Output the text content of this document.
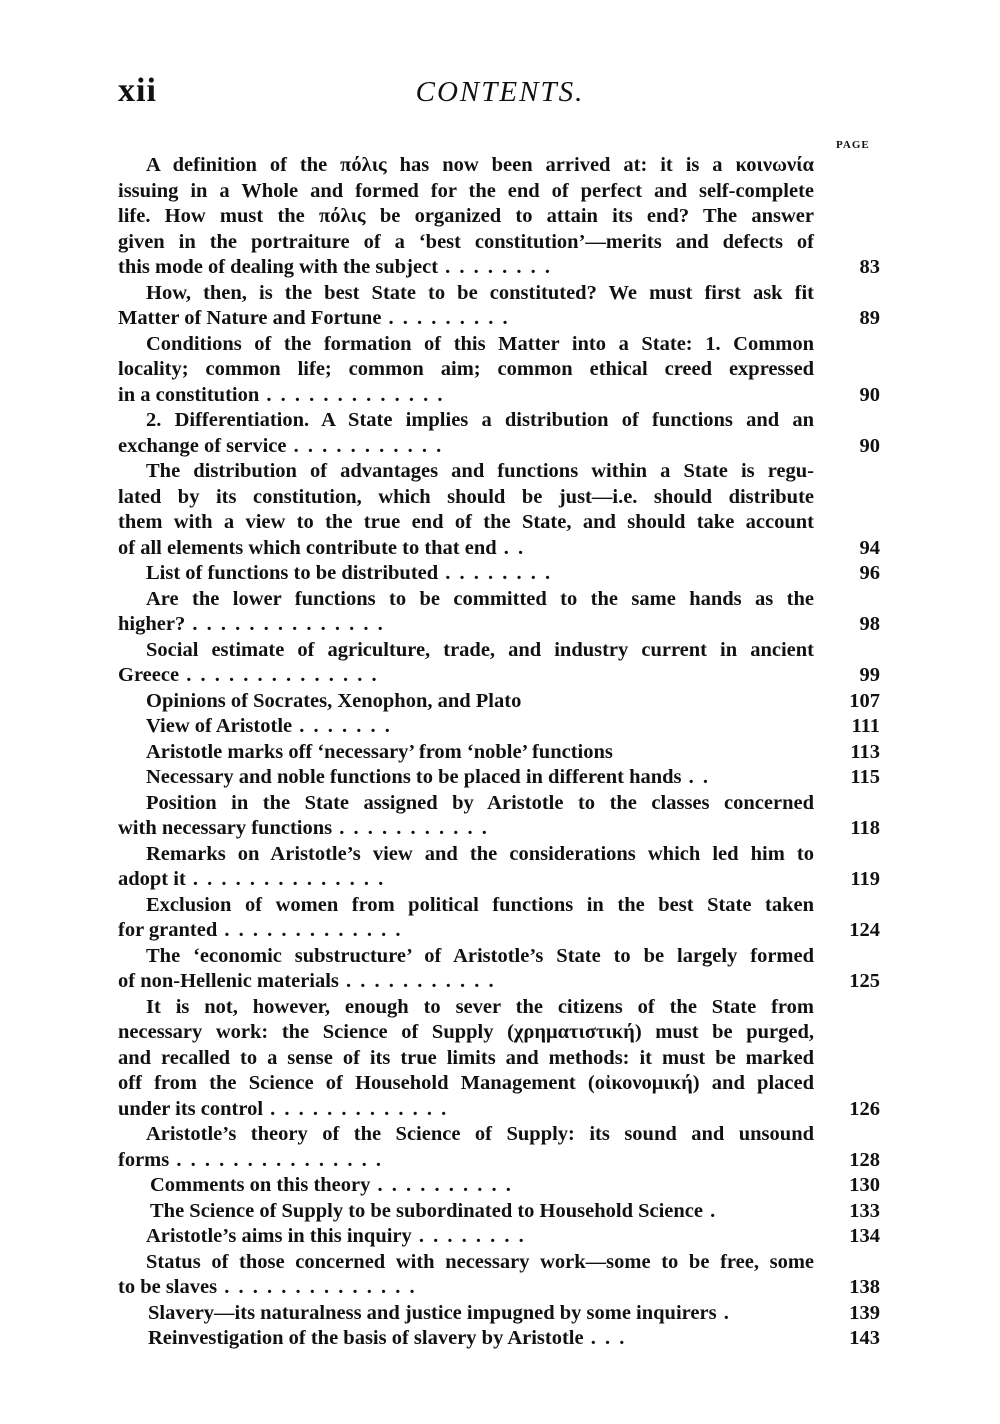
xii	CONTENTS.
PAGE
A definition of the πόλις has now been arrived at: it is a κοινωνία
issuing in a Whole and formed for the end of perfect and self-complete
life. How must the πόλις be organized to attain its end? The answer
given in the portraiture of a ‘best constitution’—merits and defects of
this mode of dealing with the subject . . . . . . . .	83
How, then, is the best State to be constituted? We must first ask fit
Matter of Nature and Fortune . . . . . . . . .	89
Conditions of the formation of this Matter into a State: 1. Common
locality; common life; common aim; common ethical creed expressed
in a constitution . . . . . . . . . . . . .	90
2. Differentiation. A State implies a distribution of functions and an
exchange of service . . . . . . . . . . .	90
The distribution of advantages and functions within a State is regu-
lated by its constitution, which should be just—i.e. should distribute
them with a view to the true end of the State, and should take account
of all elements which contribute to that end . .	94
List of functions to be distributed . . . . . . . .	96
Are the lower functions to be committed to the same hands as the
higher? . . . . . . . . . . . . . .	98
Social estimate of agriculture, trade, and industry current in ancient
Greece . . . . . . . . . . . . . .	99
Opinions of Socrates, Xenophon, and Plato	107
View of Aristotle . . . . . . .	111
Aristotle marks off ‘necessary’ from ‘noble’ functions	113
Necessary and noble functions to be placed in different hands . .	115
Position in the State assigned by Aristotle to the classes concerned
with necessary functions . . . . . . . . . . .	118
Remarks on Aristotle’s view and the considerations which led him to
adopt it . . . . . . . . . . . . . .	119
Exclusion of women from political functions in the best State taken
for granted . . . . . . . . . . . . .	124
The ‘economic substructure’ of Aristotle’s State to be largely formed
of non-Hellenic materials . . . . . . . . . . .	125
It is not, however, enough to sever the citizens of the State from
necessary work: the Science of Supply (χρηματιστική) must be purged,
and recalled to a sense of its true limits and methods: it must be marked
off from the Science of Household Management (οἰκονομική) and placed
under its control . . . . . . . . . . . . .	126
Aristotle’s theory of the Science of Supply: its sound and unsound
forms . . . . . . . . . . . . . . .	128
Comments on this theory . . . . . . . . . .	130
The Science of Supply to be subordinated to Household Science .	133
Aristotle’s aims in this inquiry . . . . . . . .	134
Status of those concerned with necessary work—some to be free, some
to be slaves . . . . . . . . . . . . . .	138
Slavery—its naturalness and justice impugned by some inquirers .	139
Reinvestigation of the basis of slavery by Aristotle . . .	143
